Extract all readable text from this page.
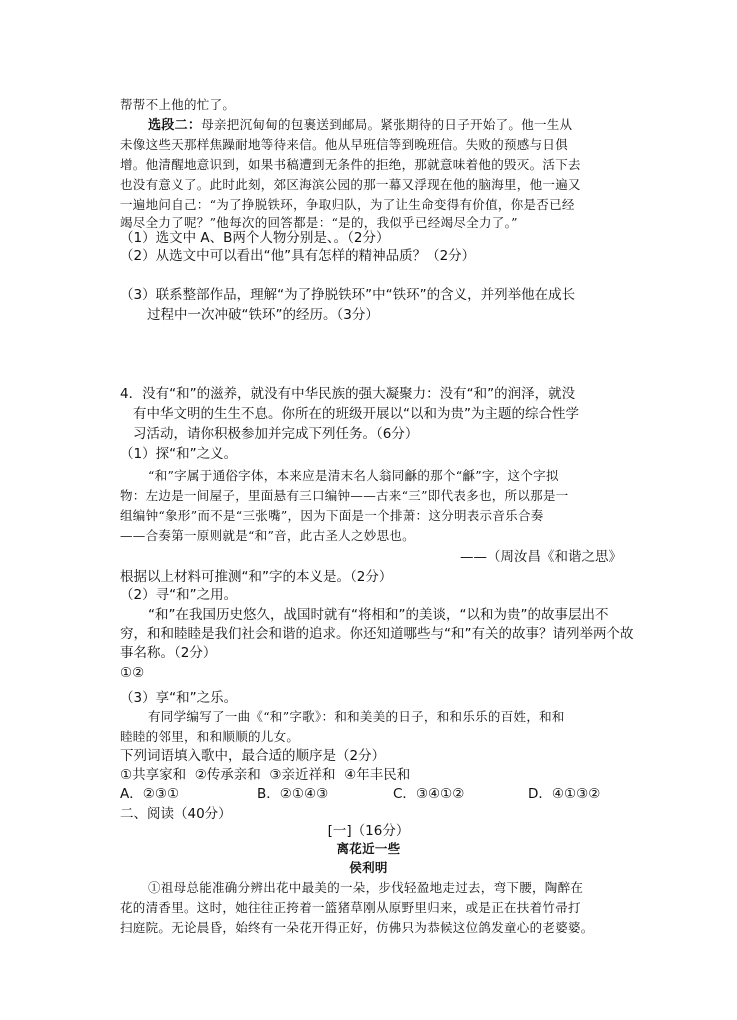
帮帮不上他的忙了。
选段二：母亲把沉甸甸的包裹送到邮局。紧张期待的日子开始了。他一生从
未像这些天那样焦躁耐地等待来信。他从早班信等到晚班信。失败的预感与日俱
增。他清醒地意识到，如果书稿遭到无条件的拒绝，那就意味着他的毁灭。活下去
也没有意义了。此时此刻，郊区海滨公园的那一幕又浮现在他的脑海里，他一遍又
一遍地问自己：“为了挣脱铁环，争取归队，为了让生命变得有价值，你是否已经
竭尽全力了呢？”他每次的回答都是：“是的，我似乎已经竭尽全力了。”
（1）选文中 A、B两个人物分别是、。（2分）
（2）从选文中可以看出“他”具有怎样的精神品质？（2分）
（3）联系整部作品，理解“为了挣脱铁环”中“铁环”的含义，并列举他在成长
过程中一次冲破“铁环”的经历。（3分）
4．没有“和”的滋养，就没有中华民族的强大凝聚力：没有“和”的润泽，就没
有中华文明的生生不息。你所在的班级开展以“以和为贵”为主题的综合性学
习活动，请你积极参加并完成下列任务。（6分）
（1）探“和”之义。
“和”字属于通俗字体，本来应是清末名人翁同龢的那个“龢”字，这个字拟
物：左边是一间屋子，里面悬有三口编钟——古来“三”即代表多也，所以那是一
组编钟“象形”而不是“三张嘴”，因为下面是一个排萧：这分明表示音乐合奏
——合奏第一原则就是“和”音，此古圣人之妙思也。
——（周汝昌《和谐之思》
根据以上材料可推测“和”字的本义是。（2分）
（2）寻“和”之用。
“和”在我国历史悠久，战国时就有“将相和”的美谈，“以和为贵”的故事层出不
穷，和和睦睦是我们社会和谐的追求。你还知道哪些与“和”有关的故事？请列举两个故
事名称。（2分）
①②
（3）享“和”之乐。
有同学编写了一曲《“和”字歌》：和和美美的日子，和和乐乐的百姓，和和
睦睦的邻里，和和顺顺的儿女。
下列词语填入歌中，最合适的顺序是（2分）
①共享家和 ②传承亲和 ③亲近祥和 ④年丰民和
A．②③①	B．②①④③	C．③④①②	D．④①③②
二、阅读（40分）
[一]（16分）
离花近一些
侯利明
①祖母总能准确分辨出花中最美的一朵，步伐轻盈地走过去，弯下腰，陶醉在
花的清香里。这时，她往往正挎着一篮猪草刚从原野里归来，或是正在扶着竹帚打
扫庭院。无论晨昏，始终有一朵花开得正好，仿佛只为恭候这位鸽发童心的老婆婆。
